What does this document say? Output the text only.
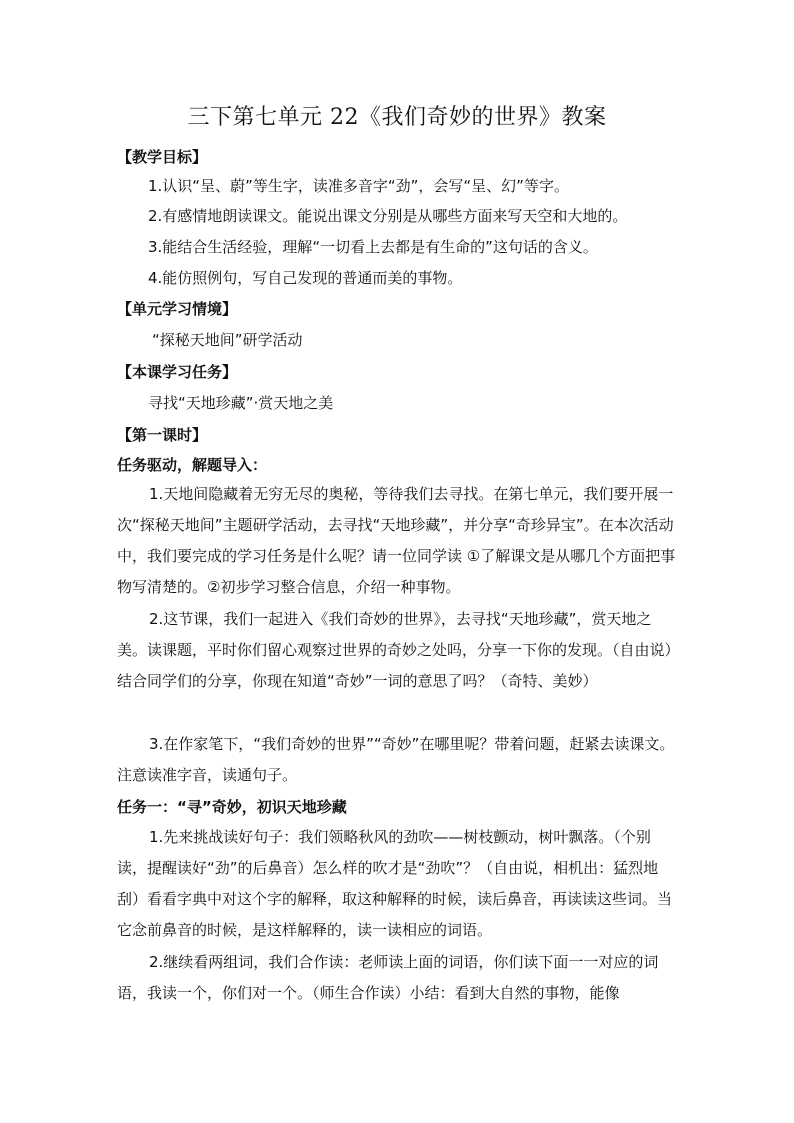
三下第七单元 22《我们奇妙的世界》教案
【教学目标】
1.认识“呈、蔚”等生字，读准多音字“劲”，会写“呈、幻”等字。
2.有感情地朗读课文。能说出课文分别是从哪些方面来写天空和大地的。
3.能结合生活经验，理解“一切看上去都是有生命的”这句话的含义。
4.能仿照例句，写自己发现的普通而美的事物。
【单元学习情境】
“探秘天地间”研学活动
【本课学习任务】
寻找“天地珍藏”·赏天地之美
【第一课时】
任务驱动，解题导入：
1.天地间隐藏着无穷无尽的奥秘，等待我们去寻找。在第七单元，我们要开展一次“探秘天地间”主题研学活动，去寻找“天地珍藏”，并分享“奇珍异宝”。在本次活动中，我们要完成的学习任务是什么呢？请一位同学读 ①了解课文是从哪几个方面把事物写清楚的。②初步学习整合信息，介绍一种事物。
2.这节课，我们一起进入《我们奇妙的世界》，去寻找“天地珍藏”，赏天地之美。读课题，平时你们留心观察过世界的奇妙之处吗，分享一下你的发现。（自由说）结合同学们的分享，你现在知道“奇妙”一词的意思了吗？（奇特、美妙）
3.在作家笔下，“我们奇妙的世界”“奇妙”在哪里呢？带着问题，赶紧去读课文。注意读准字音，读通句子。
任务一：“寻”奇妙，初识天地珍藏
1.先来挑战读好句子：我们领略秋风的劲吹——树枝颤动，树叶飘落。（个别读，提醒读好“劲”的后鼻音）怎么样的吹才是“劲吹”？（自由说，相机出：猛烈地刮）看看字典中对这个字的解释，取这种解释的时候，读后鼻音，再读读这些词。当它念前鼻音的时候，是这样解释的，读一读相应的词语。
2.继续看两组词，我们合作读：老师读上面的词语，你们读下面一一对应的词语，我读一个，你们对一个。（师生合作读）小结：看到大自然的事物，能像
